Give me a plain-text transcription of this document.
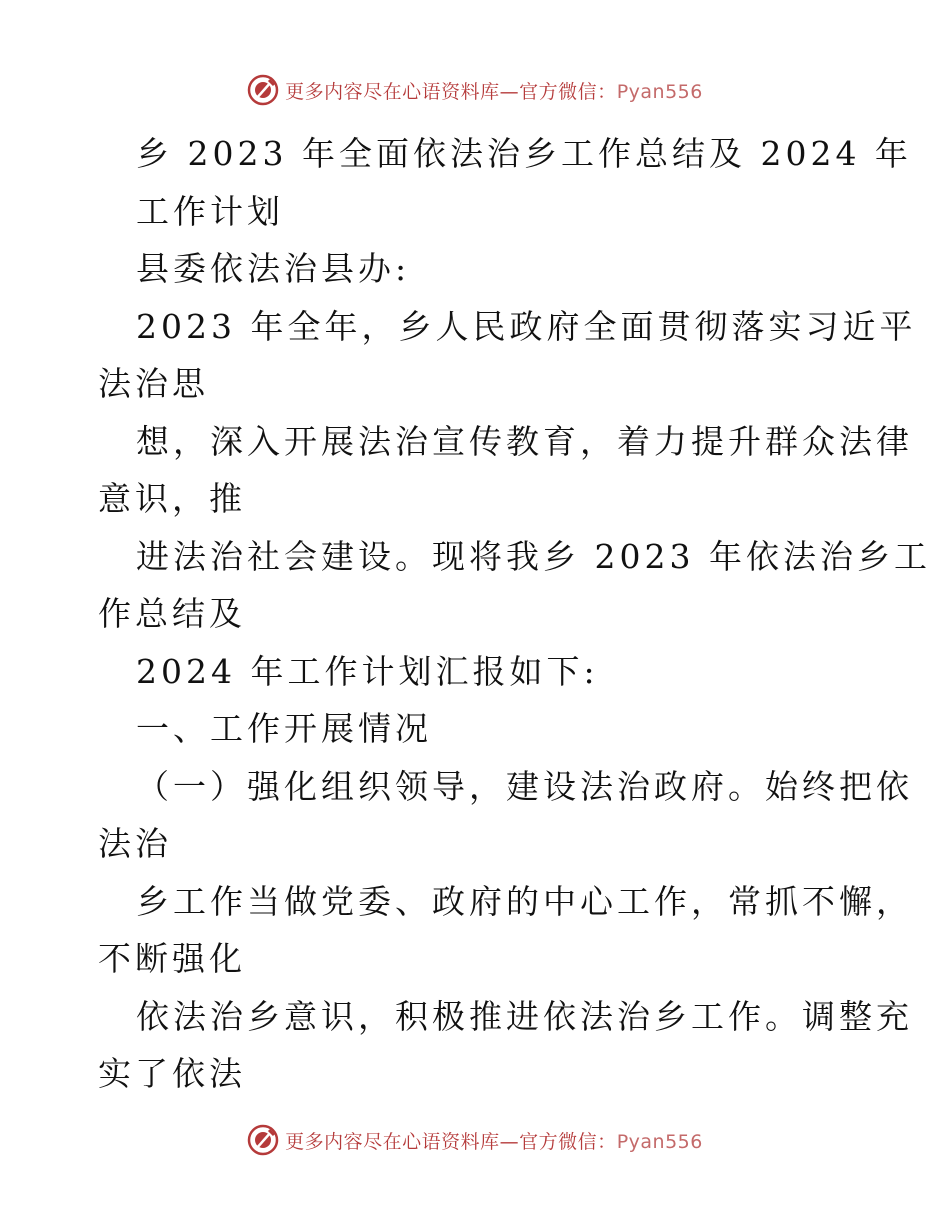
更多内容尽在心语资料库—官方微信：Pyan556
乡 2023 年全面依法治乡工作总结及 2024 年
工作计划
县委依法治县办:
2023 年全年，乡人民政府全面贯彻落实习近平
法治思
想，深入开展法治宣传教育，着力提升群众法律
意识，推
进法治社会建设。现将我乡 2023 年依法治乡工
作总结及
2024 年工作计划汇报如下:
一、工作开展情况
（一）强化组织领导，建设法治政府。始终把依
法治
乡工作当做党委、政府的中心工作，常抓不懈，
不断强化
依法治乡意识，积极推进依法治乡工作。调整充
实了依法
更多内容尽在心语资料库—官方微信：Pyan556
